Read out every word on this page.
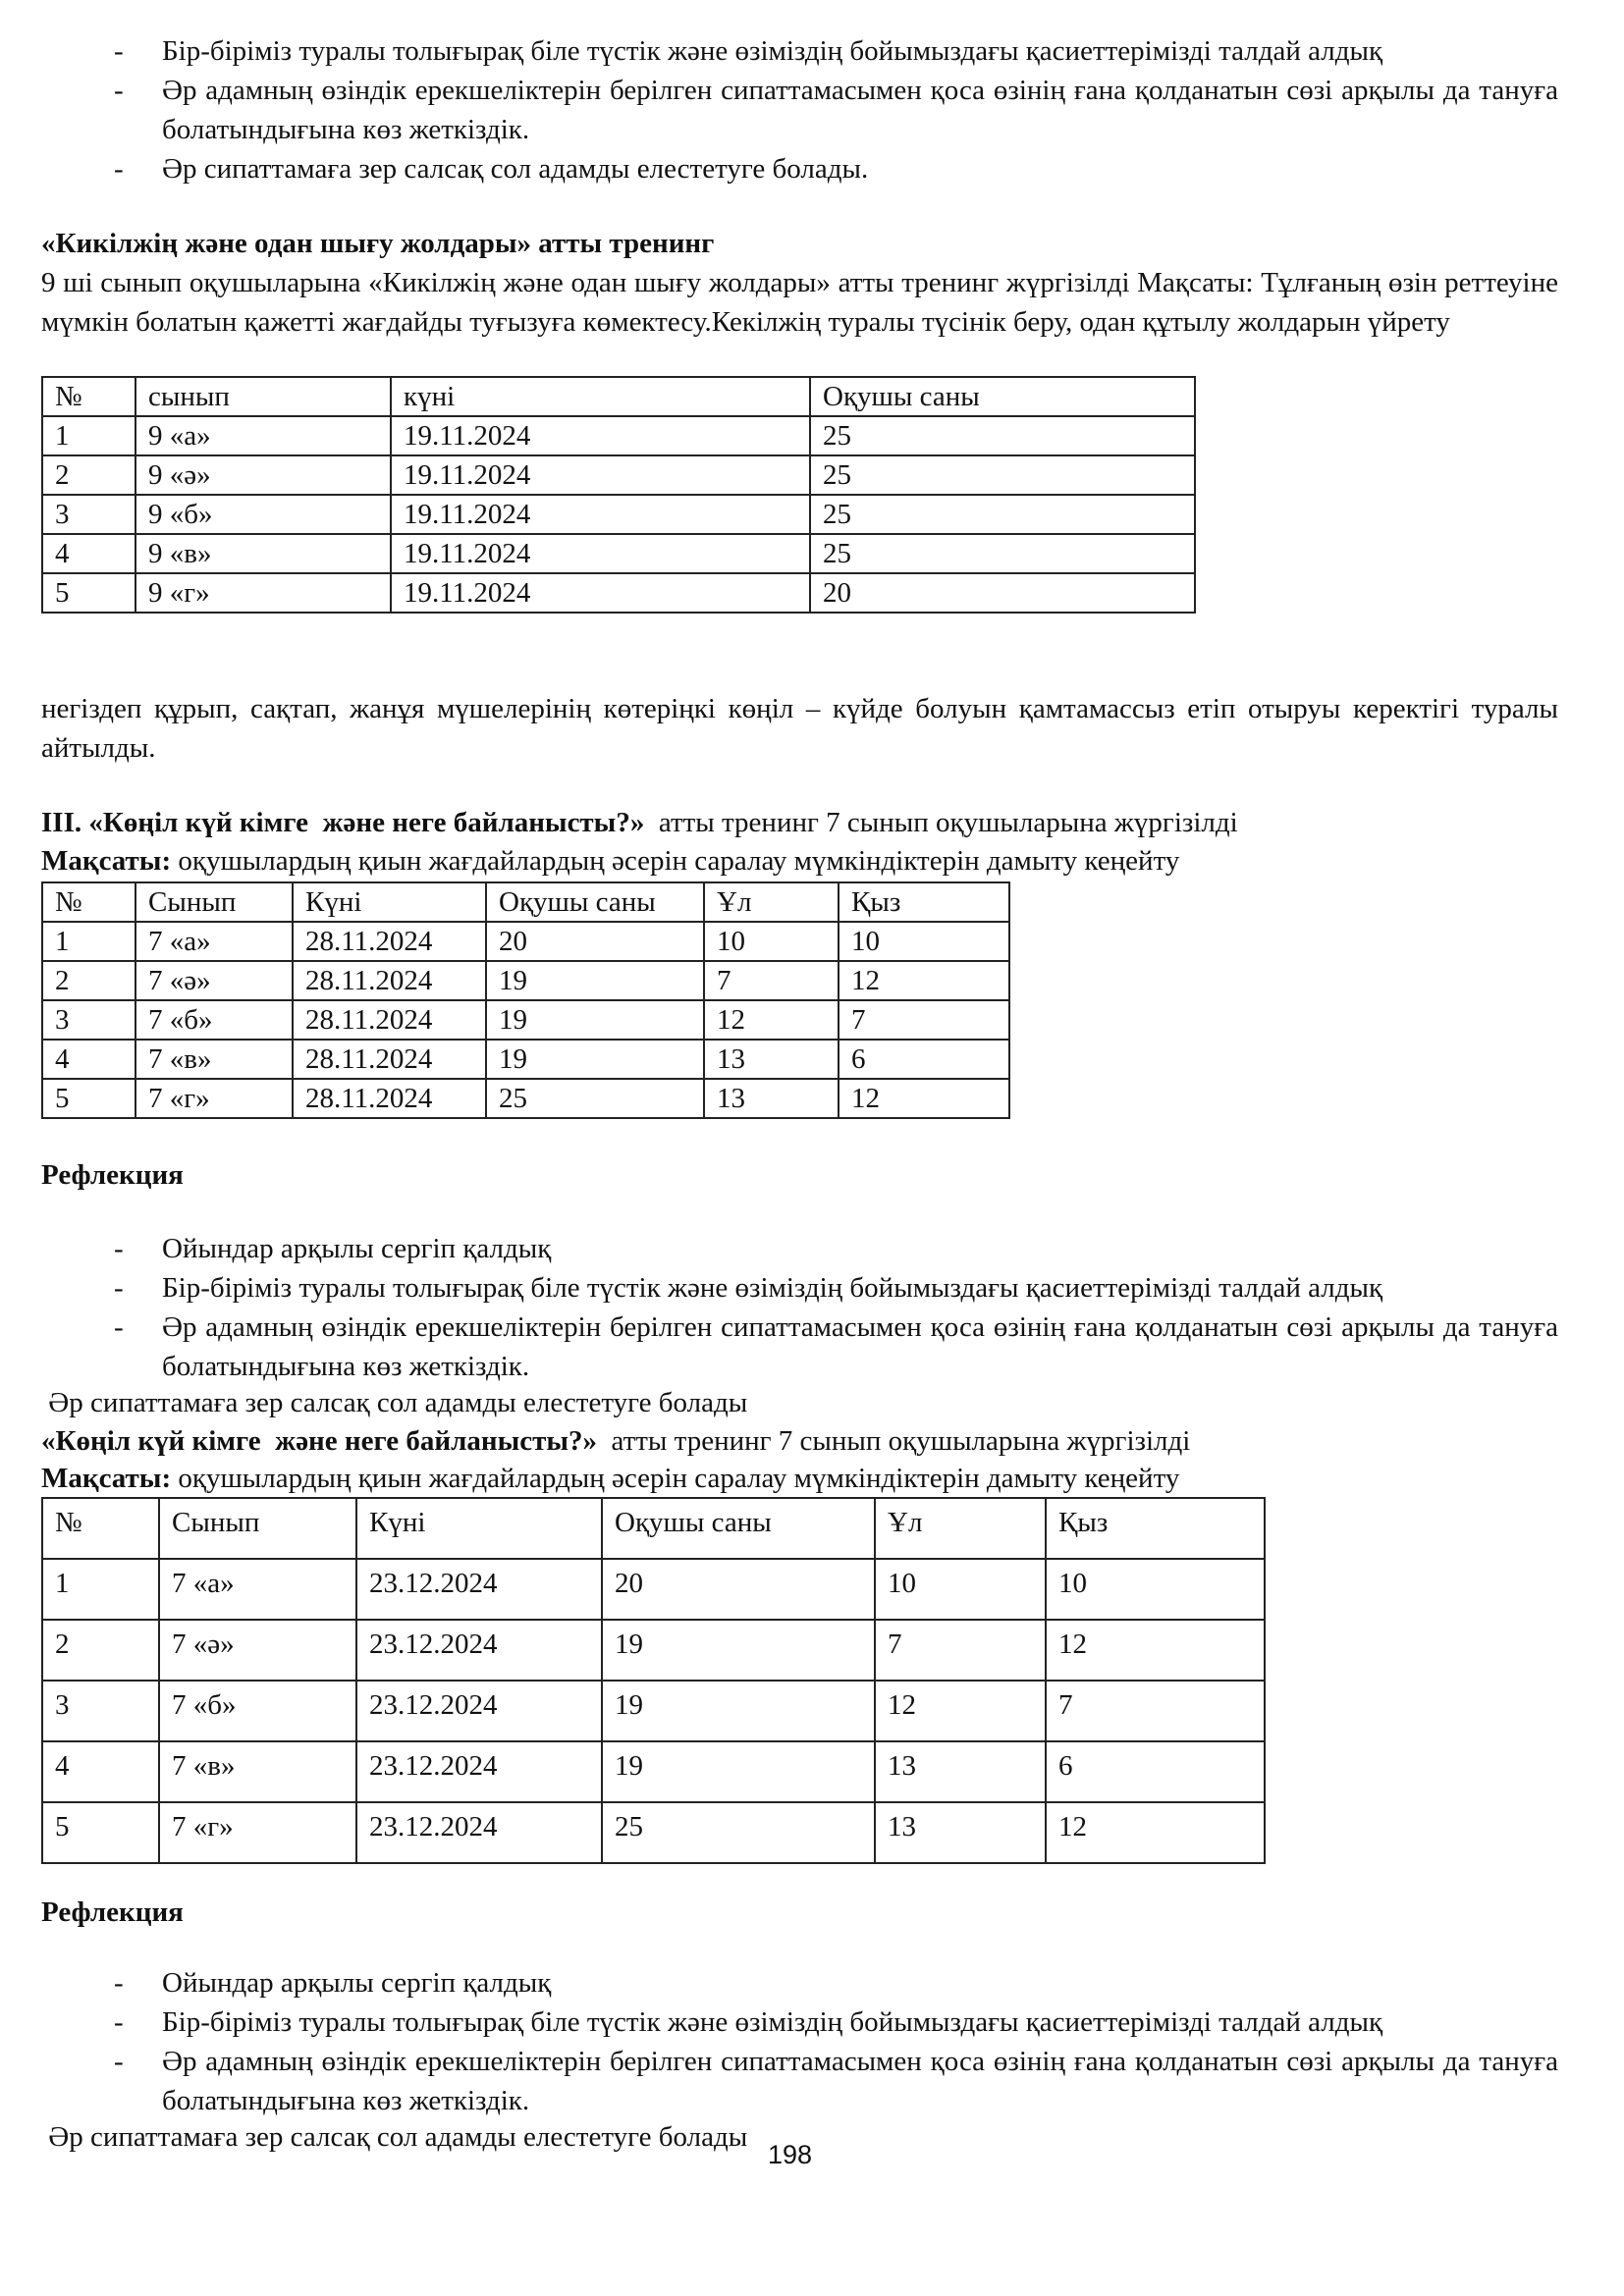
- Бір-біріміз туралы толығырақ біле түстік және өзіміздің бойымыздағы қасиеттерімізді талдай алдық
- Әр адамның өзіндік ерекшеліктерін берілген сипаттамасымен қоса өзінің ғана қолданатын сөзі арқылы да тануға болатындығына көз жеткіздік.
- Әр сипаттамаға зер салсақ сол адамды елестетуге болады.
«Кикілжің және одан шығу жолдары» атты тренинг
9 ші сынып оқушыларына «Кикілжің және одан шығу жолдары» атты тренинг жүргізілді Мақсаты: Тұлғаның өзін реттеуіне мүмкін болатын қажетті жағдайды туғызуға көмектесу.Кекілжің туралы түсінік беру, одан құтылу жолдарын үйрету
№	сынып	күні	Оқушы саны
1	9 «а»	19.11.2024	25
2	9 «ә»	19.11.2024	25
3	9 «б»	19.11.2024	25
4	9 «в»	19.11.2024	25
5	9 «г»	19.11.2024	20
негіздеп құрып, сақтап, жанұя мүшелерінің көтеріңкі көңіл – күйде болуын қамтамассыз етіп отыруы керектігі туралы айтылды.
III. «Көңіл күй кімге  және неге байланысты?»  атты тренинг 7 сынып оқушыларына жүргізілді
Мақсаты: оқушылардың қиын жағдайлардың әсерін саралау мүмкіндіктерін дамыту кеңейту
№	Сынып	Күні	Оқушы саны	Ұл	Қыз
1	7 «а»	28.11.2024	20	10	10
2	7 «ә»	28.11.2024	19	7	12
3	7 «б»	28.11.2024	19	12	7
4	7 «в»	28.11.2024	19	13	6
5	7 «г»	28.11.2024	25	13	12
Рефлекция
- Ойындар арқылы сергіп қалдық
- Бір-біріміз туралы толығырақ біле түстік және өзіміздің бойымыздағы қасиеттерімізді талдай алдық
- Әр адамның өзіндік ерекшеліктерін берілген сипаттамасымен қоса өзінің ғана қолданатын сөзі арқылы да тануға болатындығына көз жеткіздік.
Әр сипаттамаға зер салсақ сол адамды елестетуге болады
«Көңіл күй кімге  және неге байланысты?»  атты тренинг 7 сынып оқушыларына жүргізілді
Мақсаты: оқушылардың қиын жағдайлардың әсерін саралау мүмкіндіктерін дамыту кеңейту
№	Сынып	Күні	Оқушы саны	Ұл	Қыз
1	7 «а»	23.12.2024	20	10	10
2	7 «ә»	23.12.2024	19	7	12
3	7 «б»	23.12.2024	19	12	7
4	7 «в»	23.12.2024	19	13	6
5	7 «г»	23.12.2024	25	13	12
Рефлекция
- Ойындар арқылы сергіп қалдық
- Бір-біріміз туралы толығырақ біле түстік және өзіміздің бойымыздағы қасиеттерімізді талдай алдық
- Әр адамның өзіндік ерекшеліктерін берілген сипаттамасымен қоса өзінің ғана қолданатын сөзі арқылы да тануға болатындығына көз жеткіздік.
Әр сипаттамаға зер салсақ сол адамды елестетуге болады
198
